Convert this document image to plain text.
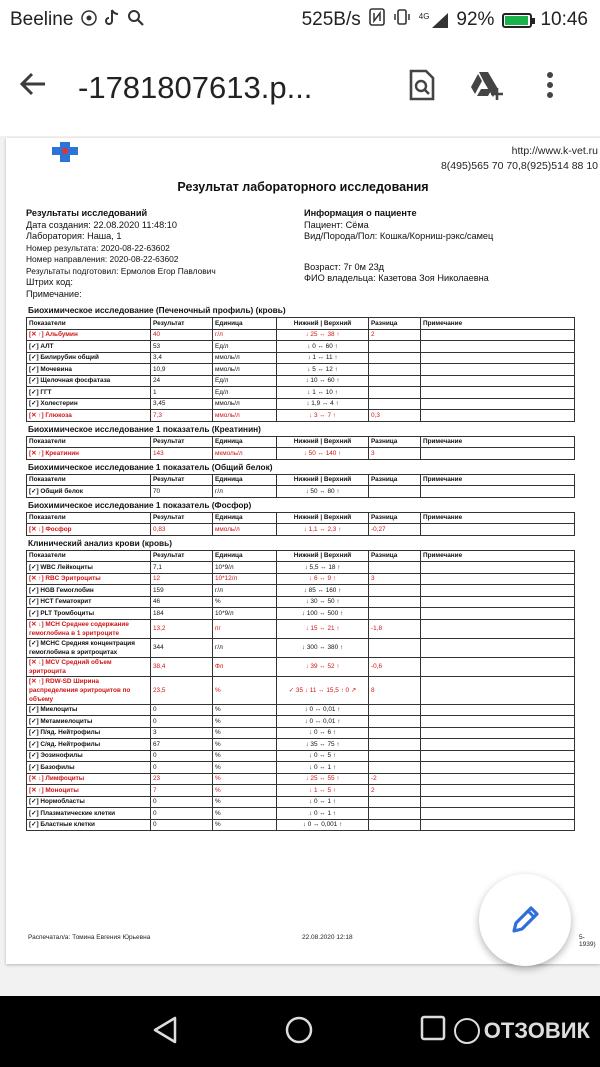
Beeline	525B/s	4G 92% 10:46
-1781807613.p...
http://www.k-vet.ru
8(495)565 70 70,8(925)514 88 10
Результат лабораторного исследования
Результаты исследований
Дата создания: 22.08.2020 11:48:10
Лаборатория: Наша, 1
Номер результата: 2020-08-22-63602
Номер направления: 2020-08-22-63602
Результаты подготовил: Ермолов Егор Павлович
Штрих код:
Примечание:
Информация о пациенте
Пациент: Сёма
Вид/Порода/Пол: Кошка/Корниш-рэкс/самец
Возраст: 7г 0м 23д
ФИО владельца: Казетова Зоя Николаевна
Биохимическое исследование (Печеночный профиль) (кровь)
Показатели	Результат	Единица	Нижний | Верхний	Разница	Примечание
[✕ ↑] Альбумин	40	г/л	↓ 25 ↔ 38 ↑	2	
[✓] АЛТ	53	Ед/л	↓ 0 ↔ 60 ↑		
[✓] Билирубин общий	3,4	ммоль/л	↓ 1 ↔ 11 ↑		
[✓] Мочевина	10,9	ммоль/л	↓ 5 ↔ 12 ↑		
[✓] Щелочная фосфатаза	24	Ед/л	↓ 10 ↔ 60 ↑		
[✓] ГГТ	1	Ед/л	↓ 1 ↔ 10 ↑		
[✓] Холестерин	3,45	ммоль/л	↓ 1,9 ↔ 4 ↑		
[✕ ↑] Глюкоза	7,3	ммоль/л	↓ 3 ↔ 7 ↑	0,3	
Биохимическое исследование 1 показатель (Креатинин)
Показатели	Результат	Единица	Нижний | Верхний	Разница	Примечание
[✕ ↑] Креатинин	143	мкмоль/л	↓ 50 ↔ 140 ↑	3	
Биохимическое исследование 1 показатель (Общий белок)
Показатели	Результат	Единица	Нижний | Верхний	Разница	Примечание
[✓] Общий белок	70	г/л	↓ 50 ↔ 80 ↑		
Биохимическое исследование 1 показатель (Фосфор)
Показатели	Результат	Единица	Нижний | Верхний	Разница	Примечание
[✕ ↓] Фосфор	0,83	ммоль/л	↓ 1,1 ↔ 2,3 ↑	-0,27	
Клинический анализ крови (кровь)
Показатели	Результат	Единица	Нижний | Верхний	Разница	Примечание
[✓] WBC Лейкоциты	7,1	10*9/л	↓ 5,5 ↔ 18 ↑		
[✕ ↑] RBC Эритроциты	12	10*12/л	↓ 6 ↔ 9 ↑	3	
[✓] HGB Гемоглобин	159	г/л	↓ 85 ↔ 160 ↑		
[✓] HCT Гематокрит	46	%	↓ 30 ↔ 50 ↑		
[✓] PLT Тромбоциты	184	10*9/л	↓ 100 ↔ 500 ↑		
[✕ ↓] MCH Среднее содержание гемоглобина в 1 эритроците	13,2	пг	↓ 15 ↔ 21 ↑	-1,8	
[✓] MCHC Средняя концентрация гемоглобина в эритроцитах	344	г/л	↓ 300 ↔ 380 ↑		
[✕ ↓] MCV Средний объем эритроцита	38,4	Фл	↓ 39 ↔ 52 ↑	-0,6	
[✕ ↑] RDW-SD Ширина распределения эритроцитов по объему	23,5	%	✓ 35 ↓ 11 ↔ 15,5 ↑ 0 ↗	8	
[✓] Миелоциты	0	%	↓ 0 ↔ 0,01 ↑		
[✓] Метамиелоциты	0	%	↓ 0 ↔ 0,01 ↑		
[✓] П/яд. Нейтрофилы	3	%	↓ 0 ↔ 6 ↑		
[✓] С/яд. Нейтрофилы	67	%	↓ 35 ↔ 75 ↑		
[✓] Эозинофилы	0	%	↓ 0 ↔ 5 ↑		
[✓] Базофилы	0	%	↓ 0 ↔ 1 ↑		
[✕ ↓] Лимфоциты	23	%	↓ 25 ↔ 55 ↑	-2	
[✕ ↑] Моноциты	7	%	↓ 1 ↔ 5 ↑	2	
[✓] Нормобласты	0	%	↓ 0 ↔ 1 ↑		
[✓] Плазматические клетки	0	%	↓ 0 ↔ 1 ↑		
[✓] Бластные клетки	0	%	↓ 0 ↔ 0,001 ↑		
Распечатал/а: Томина Евгения Юрьевна	22.08.2020 12:18	5-1939)
ОТЗОВИК
